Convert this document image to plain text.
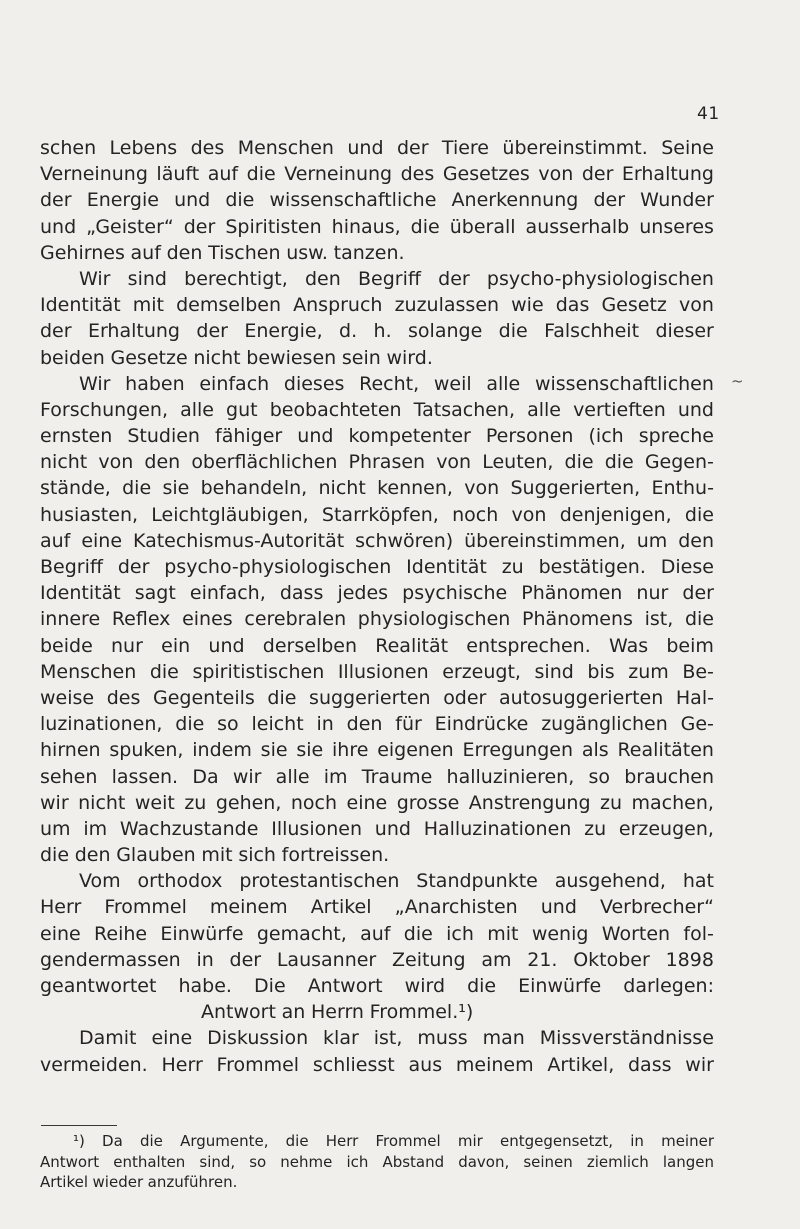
41
~
schen Lebens des Menschen und der Tiere übereinstimmt. Seine
Verneinung läuft auf die Verneinung des Gesetzes von der Erhaltung
der Energie und die wissenschaftliche Anerkennung der Wunder
und „Geister“ der Spiritisten hinaus, die überall ausserhalb unseres
Gehirnes auf den Tischen usw. tanzen.
Wir sind berechtigt, den Begriff der psycho-physiologischen
Identität mit demselben Anspruch zuzulassen wie das Gesetz von
der Erhaltung der Energie, d. h. solange die Falschheit dieser
beiden Gesetze nicht bewiesen sein wird.
Wir haben einfach dieses Recht, weil alle wissenschaftlichen
Forschungen, alle gut beobachteten Tatsachen, alle vertieften und
ernsten Studien fähiger und kompetenter Personen (ich spreche
nicht von den oberflächlichen Phrasen von Leuten, die die Gegen-
stände, die sie behandeln, nicht kennen, von Suggerierten, Enthu-
husiasten, Leichtgläubigen, Starrköpfen, noch von denjenigen, die
auf eine Katechismus-Autorität schwören) übereinstimmen, um den
Begriff der psycho-physiologischen Identität zu bestätigen. Diese
Identität sagt einfach, dass jedes psychische Phänomen nur der
innere Reflex eines cerebralen physiologischen Phänomens ist, die
beide nur ein und derselben Realität entsprechen. Was beim
Menschen die spiritistischen Illusionen erzeugt, sind bis zum Be-
weise des Gegenteils die suggerierten oder autosuggerierten Hal-
luzinationen, die so leicht in den für Eindrücke zugänglichen Ge-
hirnen spuken, indem sie sie ihre eigenen Erregungen als Realitäten
sehen lassen. Da wir alle im Traume halluzinieren, so brauchen
wir nicht weit zu gehen, noch eine grosse Anstrengung zu machen,
um im Wachzustande Illusionen und Halluzinationen zu erzeugen,
die den Glauben mit sich fortreissen.
Vom orthodox protestantischen Standpunkte ausgehend, hat
Herr Frommel meinem Artikel „Anarchisten und Verbrecher“
eine Reihe Einwürfe gemacht, auf die ich mit wenig Worten fol-
gendermassen in der Lausanner Zeitung am 21. Oktober 1898
geantwortet habe. Die Antwort wird die Einwürfe darlegen:
Antwort an Herrn Frommel.¹)
Damit eine Diskussion klar ist, muss man Missverständnisse
vermeiden. Herr Frommel schliesst aus meinem Artikel, dass wir
¹) Da die Argumente, die Herr Frommel mir entgegensetzt, in meiner
Antwort enthalten sind, so nehme ich Abstand davon, seinen ziemlich langen
Artikel wieder anzuführen.
